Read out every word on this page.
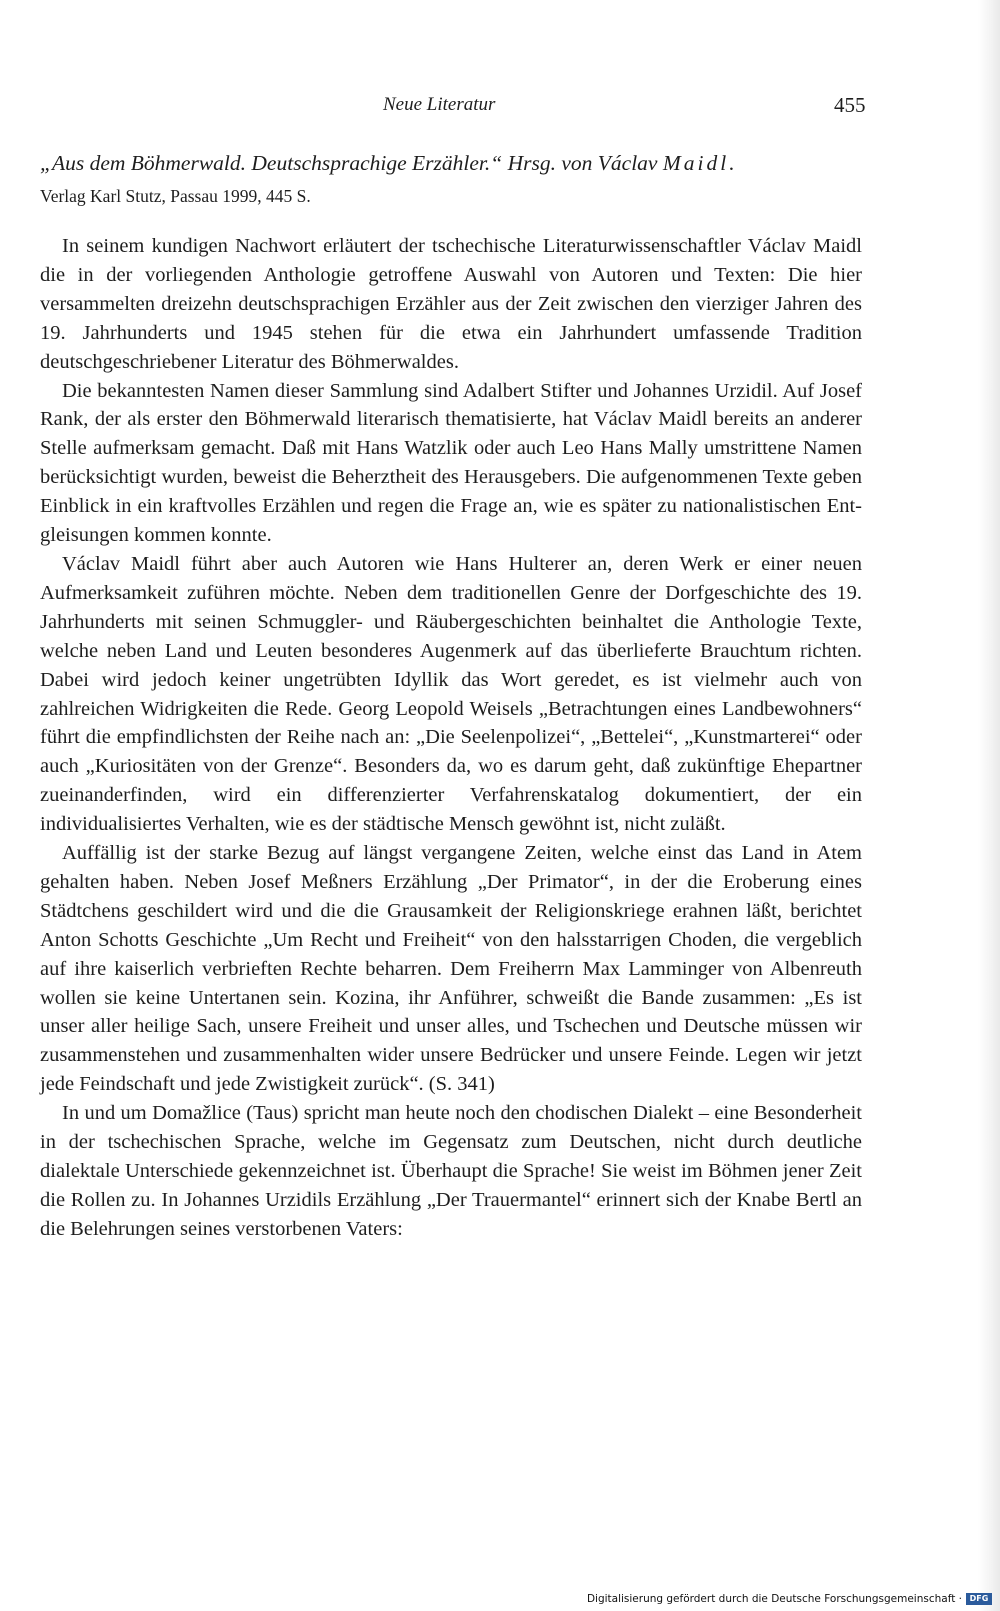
Neue Literatur	455
„Aus dem Böhmerwald. Deutschsprachige Erzähler.“ Hrsg. von Václav Maidl.
Verlag Karl Stutz, Passau 1999, 445 S.

In seinem kundigen Nachwort erläutert der tschechische Literaturwissenschaftler Václav Maidl die in der vorliegenden Anthologie getroffene Auswahl von Autoren und Texten: Die hier versammelten dreizehn deutschsprachigen Erzähler aus der Zeit zwischen den vierziger Jahren des 19. Jahrhunderts und 1945 stehen für die etwa ein Jahrhundert umfassende Tradition deutschgeschriebener Literatur des Böhmerwaldes.

Die bekanntesten Namen dieser Sammlung sind Adalbert Stifter und Johannes Urzidil. Auf Josef Rank, der als erster den Böhmerwald literarisch thematisierte, hat Václav Maidl bereits an anderer Stelle aufmerksam gemacht. Daß mit Hans Watzlik oder auch Leo Hans Mally umstrittene Namen berücksichtigt wurden, beweist die Beherztheit des Herausgebers. Die aufgenommenen Texte geben Einblick in ein kraftvolles Erzählen und regen die Frage an, wie es später zu nationalistischen Entgleisungen kommen konnte.

Václav Maidl führt aber auch Autoren wie Hans Hulterer an, deren Werk er einer neuen Aufmerksamkeit zuführen möchte. Neben dem traditionellen Genre der Dorfgeschichte des 19. Jahrhunderts mit seinen Schmuggler- und Räubergeschichten beinhaltet die Anthologie Texte, welche neben Land und Leuten besonderes Augenmerk auf das überlieferte Brauchtum richten. Dabei wird jedoch keiner ungetrübten Idyllik das Wort geredet, es ist vielmehr auch von zahlreichen Widrigkeiten die Rede. Georg Leopold Weisels „Betrachtungen eines Landbewohners“ führt die empfindlichsten der Reihe nach an: „Die Seelenpolizei“, „Bettelei“, „Kunstmarterei“ oder auch „Kuriositäten von der Grenze“. Besonders da, wo es darum geht, daß zukünftige Ehepartner zueinanderfinden, wird ein differenzierter Verfahrenskatalog dokumentiert, der ein individualisiertes Verhalten, wie es der städtische Mensch gewöhnt ist, nicht zuläßt.

Auffällig ist der starke Bezug auf längst vergangene Zeiten, welche einst das Land in Atem gehalten haben. Neben Josef Meßners Erzählung „Der Primator“, in der die Eroberung eines Städtchens geschildert wird und die die Grausamkeit der Religionskriege erahnen läßt, berichtet Anton Schotts Geschichte „Um Recht und Freiheit“ von den halsstarrigen Choden, die vergeblich auf ihre kaiserlich verbrieften Rechte beharren. Dem Freiherrn Max Lamminger von Albenreuth wollen sie keine Untertanen sein. Kozina, ihr Anführer, schweißt die Bande zusammen: „Es ist unser aller heilige Sach, unsere Freiheit und unser alles, und Tschechen und Deutsche müssen wir zusammenstehen und zusammenhalten wider unsere Bedrücker und unsere Feinde. Legen wir jetzt jede Feindschaft und jede Zwistigkeit zurück“. (S. 341)

In und um Domažlice (Taus) spricht man heute noch den chodischen Dialekt – eine Besonderheit in der tschechischen Sprache, welche im Gegensatz zum Deutschen, nicht durch deutliche dialektale Unterschiede gekennzeichnet ist. Überhaupt die Sprache! Sie weist im Böhmen jener Zeit die Rollen zu. In Johannes Urzidils Erzählung „Der Trauermantel“ erinnert sich der Knabe Bertl an die Belehrungen seines verstorbenen Vaters:

Digitalisierung gefördert durch die Deutsche Forschungsgemeinschaft · DFG
